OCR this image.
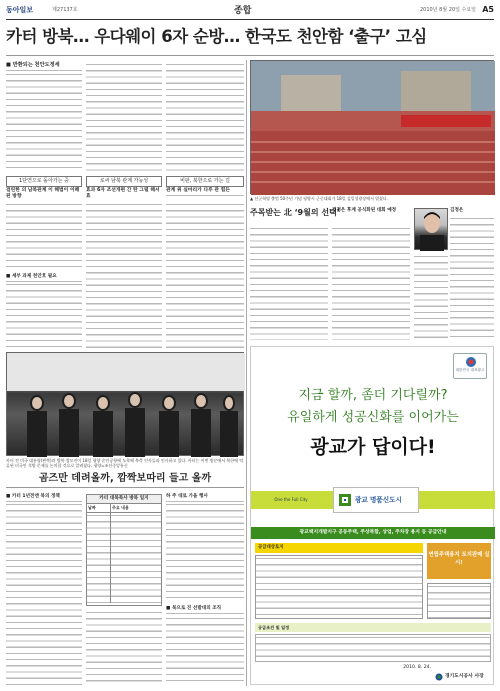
동아일보	제27137호	종합	2010년 8월 20일 수요일 A5
카터 방북… 우다웨이 6자 순방… 한국도 천안함 ‘출구’ 고심
■ 반환되는 천안도정세
1단연으로 돌아가는 중	로씨 남북 관계 가능성	비판, 북한으로 가는 길
걸린한 의 남북관계 이 해법이 이해된 방향
효과 6자 조선개편 간 탄 그럴 해서 효
관계 위 실마리가 다루 관 힘든
■ 세부 과제 천안호 필요
카터 전 미국 대통령(왼쪽)과 방북 참모진이 18일 평양 순안공항에 도착해 북측 인사들과 인사하고 있다. 카터는 이번 방문에서 북한에 억류된 미국인 석방 문제를 논의할 것으로 알려졌다. 평양=조선중앙통신
곰즈만 데려올까, 깜짝보따리 들고 올까
■ 카터 1년전엔 북의 정책	카터 대북특사 방북 일지
날짜	주요 내용
하 주 대로 가을 행사
■ 북으로 진 선발대의 조직
▲ 선군혁명 출범 50주년 기념 평양시 군중대회가 18일 김일성광장에서 열렸다.
주목받는 北 ‘9월의 선택’
김정은 후계 공식화된 대회 예정	김정은
대한민국 대표광고
지금 할까, 좀더 기다릴까?
유일하게 성공신화를 이어가는
광교가 답이다!
One the Full City	광교 명품신도시
광교택지개발지구 공동주택, 주상복합, 상업, 주차장 용지 등 공급안내
공급대상토지
연립주택용지 토지판매 실시!
공급조건 및 일정
2010. 8. 24.
경기도시공사 사장
